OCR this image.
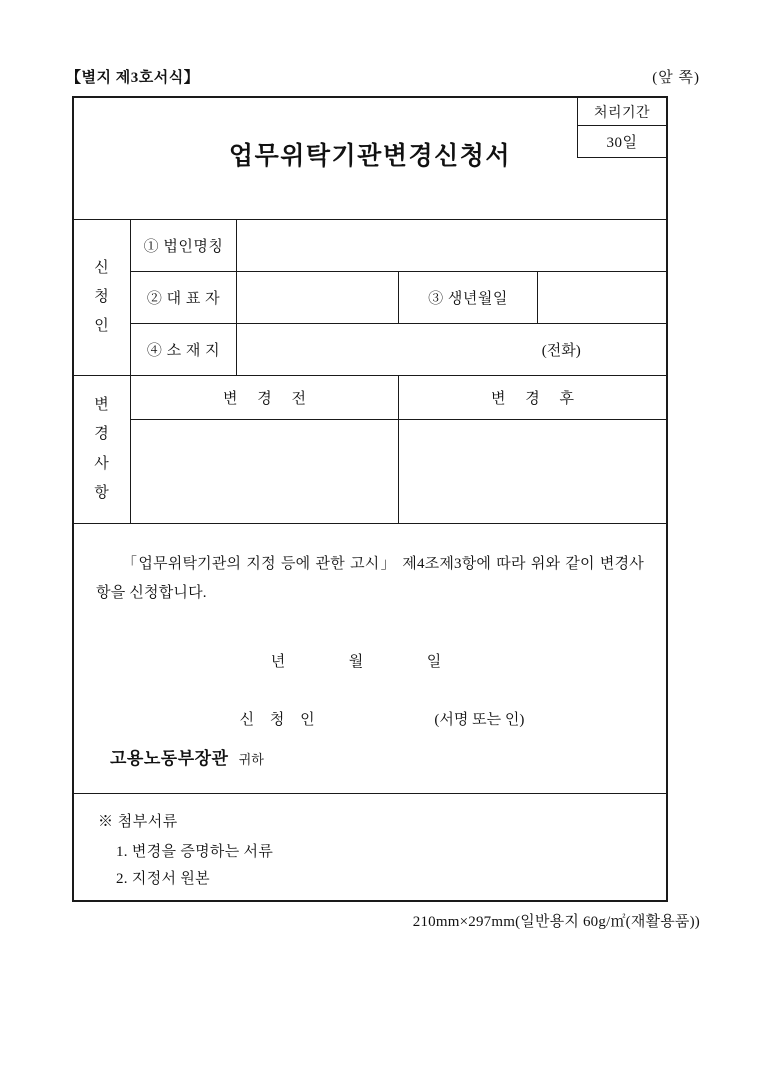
【별지 제3호서식】	(앞 쪽)
업무위탁기관변경신청서
처리기간
30일
신
청
인
① 법인명칭
② 대 표 자	③ 생년월일
④ 소 재 지	(전화)
변
경
사
항
변 경 전	변 경 후
「업무위탁기관의 지정 등에 관한 고시」 제4조제3항에 따라 위와 같이 변경사항을 신청합니다.
년	월	일
신 청 인	(서명 또는 인)
고용노동부장관 귀하
※ 첨부서류
1. 변경을 증명하는 서류
2. 지정서 원본
210mm×297mm(일반용지 60g/㎡(재활용품))
